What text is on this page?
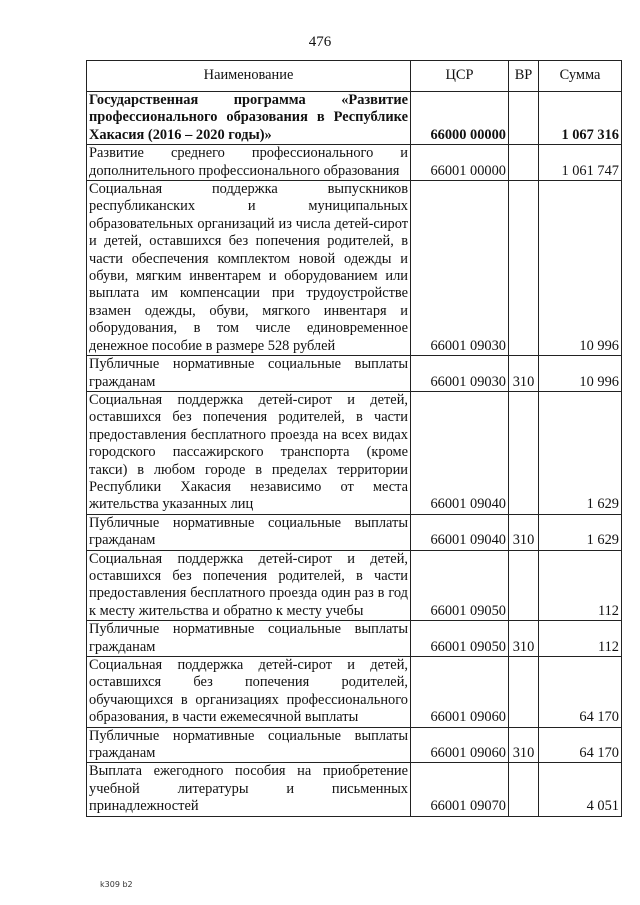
476
Наименование	ЦСР	ВР	Сумма
Государственная программа «Развитие профессионального образования в Республике Хакасия (2016 – 2020 годы)»	66000 00000		1 067 316
Развитие среднего профессионального и дополнительного профессионального образования	66001 00000		1 061 747
Социальная поддержка выпускников республиканских и муниципальных образовательных организаций из числа детей-сирот и детей, оставшихся без попечения родителей, в части обеспечения комплектом новой одежды и обуви, мягким инвентарем и оборудованием или выплата им компенсации при трудоустройстве взамен одежды, обуви, мягкого инвентаря и оборудования, в том числе единовременное денежное пособие в размере 528 рублей	66001 09030		10 996
Публичные нормативные социальные выплаты гражданам	66001 09030	310	10 996
Социальная поддержка детей-сирот и детей, оставшихся без попечения родителей, в части предоставления бесплатного проезда на всех видах городского пассажирского транспорта (кроме такси) в любом городе в пределах территории Республики Хакасия независимо от места жительства указанных лиц	66001 09040		1 629
Публичные нормативные социальные выплаты гражданам	66001 09040	310	1 629
Социальная поддержка детей-сирот и детей, оставшихся без попечения родителей, в части предоставления бесплатного проезда один раз в год к месту жительства и обратно к месту учебы	66001 09050		112
Публичные нормативные социальные выплаты гражданам	66001 09050	310	112
Социальная поддержка детей-сирот и детей, оставшихся без попечения родителей, обучающихся в организациях профессионального образования, в части ежемесячной выплаты	66001 09060		64 170
Публичные нормативные социальные выплаты гражданам	66001 09060	310	64 170
Выплата ежегодного пособия на приобретение учебной литературы и письменных принадлежностей	66001 09070		4 051
k309 b2
